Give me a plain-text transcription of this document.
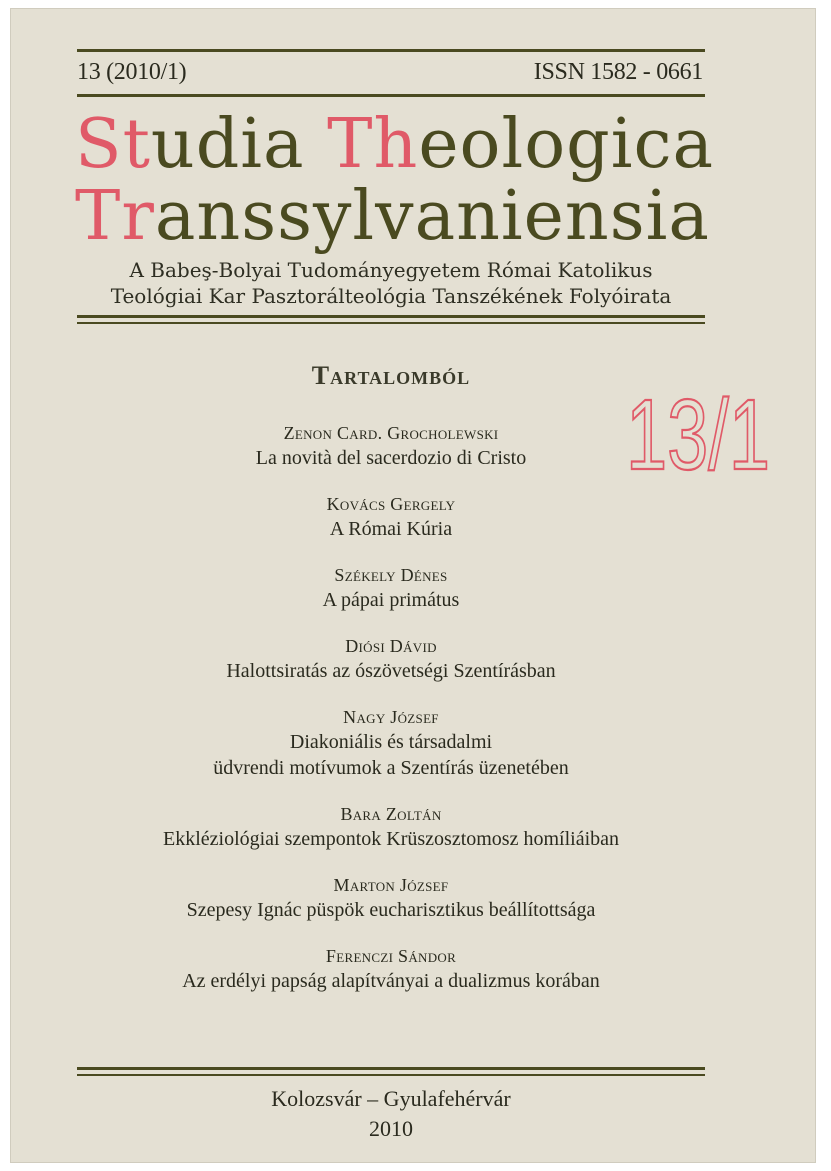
13 (2010/1)	ISSN 1582 - 0661
Studia Theologica
Transsylvaniensia
A Babeş-Bolyai Tudományegyetem Római Katolikus
Teológiai Kar Pasztorálteológia Tanszékének Folyóirata
Tartalomból
13/1
Zenon Card. Grocholewski
La novità del sacerdozio di Cristo
Kovács Gergely
A Római Kúria
Székely Dénes
A pápai primátus
Diósi Dávid
Halottsiratás az ószövetségi Szentírásban
Nagy József
Diakoniális és társadalmi
üdvrendi motívumok a Szentírás üzenetében
Bara Zoltán
Ekkléziológiai szempontok Krüszosztomosz homíliáiban
Marton József
Szepesy Ignác püspök eucharisztikus beállítottsága
Ferenczi Sándor
Az erdélyi papság alapítványai a dualizmus korában
Kolozsvár – Gyulafehérvár
2010
